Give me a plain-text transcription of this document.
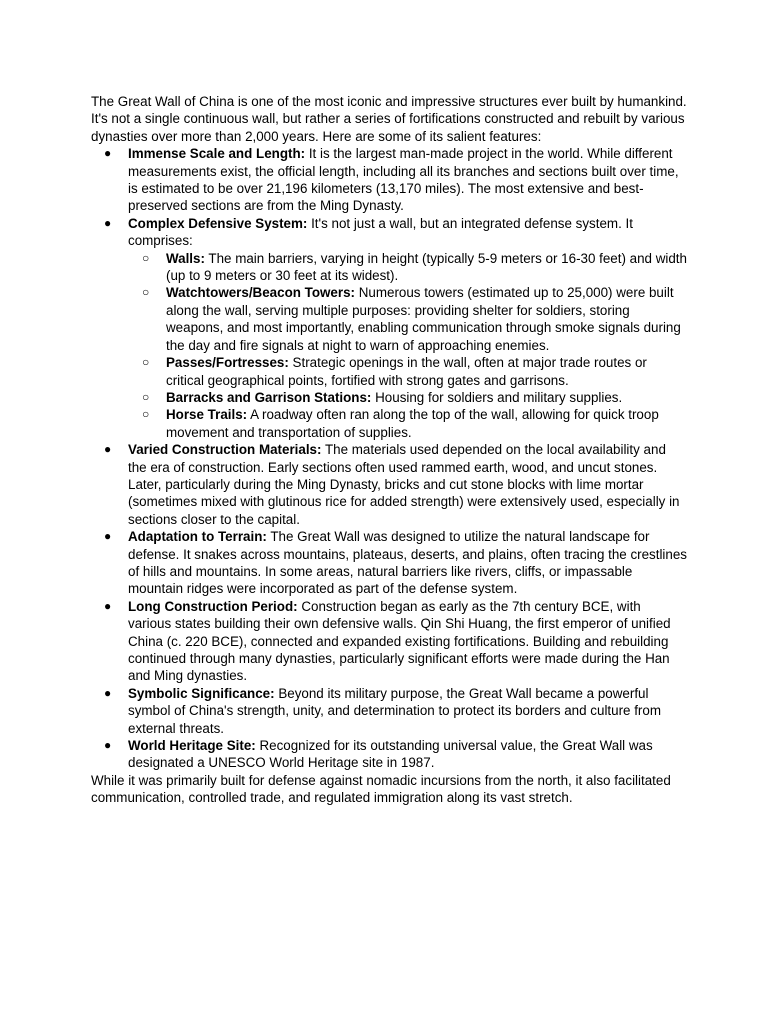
The Great Wall of China is one of the most iconic and impressive structures ever built by humankind. It's not a single continuous wall, but rather a series of fortifications constructed and rebuilt by various dynasties over more than 2,000 years. Here are some of its salient features:

● Immense Scale and Length: It is the largest man-made project in the world. While different measurements exist, the official length, including all its branches and sections built over time, is estimated to be over 21,196 kilometers (13,170 miles). The most extensive and best-preserved sections are from the Ming Dynasty.
● Complex Defensive System: It's not just a wall, but an integrated defense system. It comprises:
○ Walls: The main barriers, varying in height (typically 5-9 meters or 16-30 feet) and width (up to 9 meters or 30 feet at its widest).
○ Watchtowers/Beacon Towers: Numerous towers (estimated up to 25,000) were built along the wall, serving multiple purposes: providing shelter for soldiers, storing weapons, and most importantly, enabling communication through smoke signals during the day and fire signals at night to warn of approaching enemies.
○ Passes/Fortresses: Strategic openings in the wall, often at major trade routes or critical geographical points, fortified with strong gates and garrisons.
○ Barracks and Garrison Stations: Housing for soldiers and military supplies.
○ Horse Trails: A roadway often ran along the top of the wall, allowing for quick troop movement and transportation of supplies.
● Varied Construction Materials: The materials used depended on the local availability and the era of construction. Early sections often used rammed earth, wood, and uncut stones. Later, particularly during the Ming Dynasty, bricks and cut stone blocks with lime mortar (sometimes mixed with glutinous rice for added strength) were extensively used, especially in sections closer to the capital.
● Adaptation to Terrain: The Great Wall was designed to utilize the natural landscape for defense. It snakes across mountains, plateaus, deserts, and plains, often tracing the crestlines of hills and mountains. In some areas, natural barriers like rivers, cliffs, or impassable mountain ridges were incorporated as part of the defense system.
● Long Construction Period: Construction began as early as the 7th century BCE, with various states building their own defensive walls. Qin Shi Huang, the first emperor of unified China (c. 220 BCE), connected and expanded existing fortifications. Building and rebuilding continued through many dynasties, particularly significant efforts were made during the Han and Ming dynasties.
● Symbolic Significance: Beyond its military purpose, the Great Wall became a powerful symbol of China's strength, unity, and determination to protect its borders and culture from external threats.
● World Heritage Site: Recognized for its outstanding universal value, the Great Wall was designated a UNESCO World Heritage site in 1987.

While it was primarily built for defense against nomadic incursions from the north, it also facilitated communication, controlled trade, and regulated immigration along its vast stretch.
